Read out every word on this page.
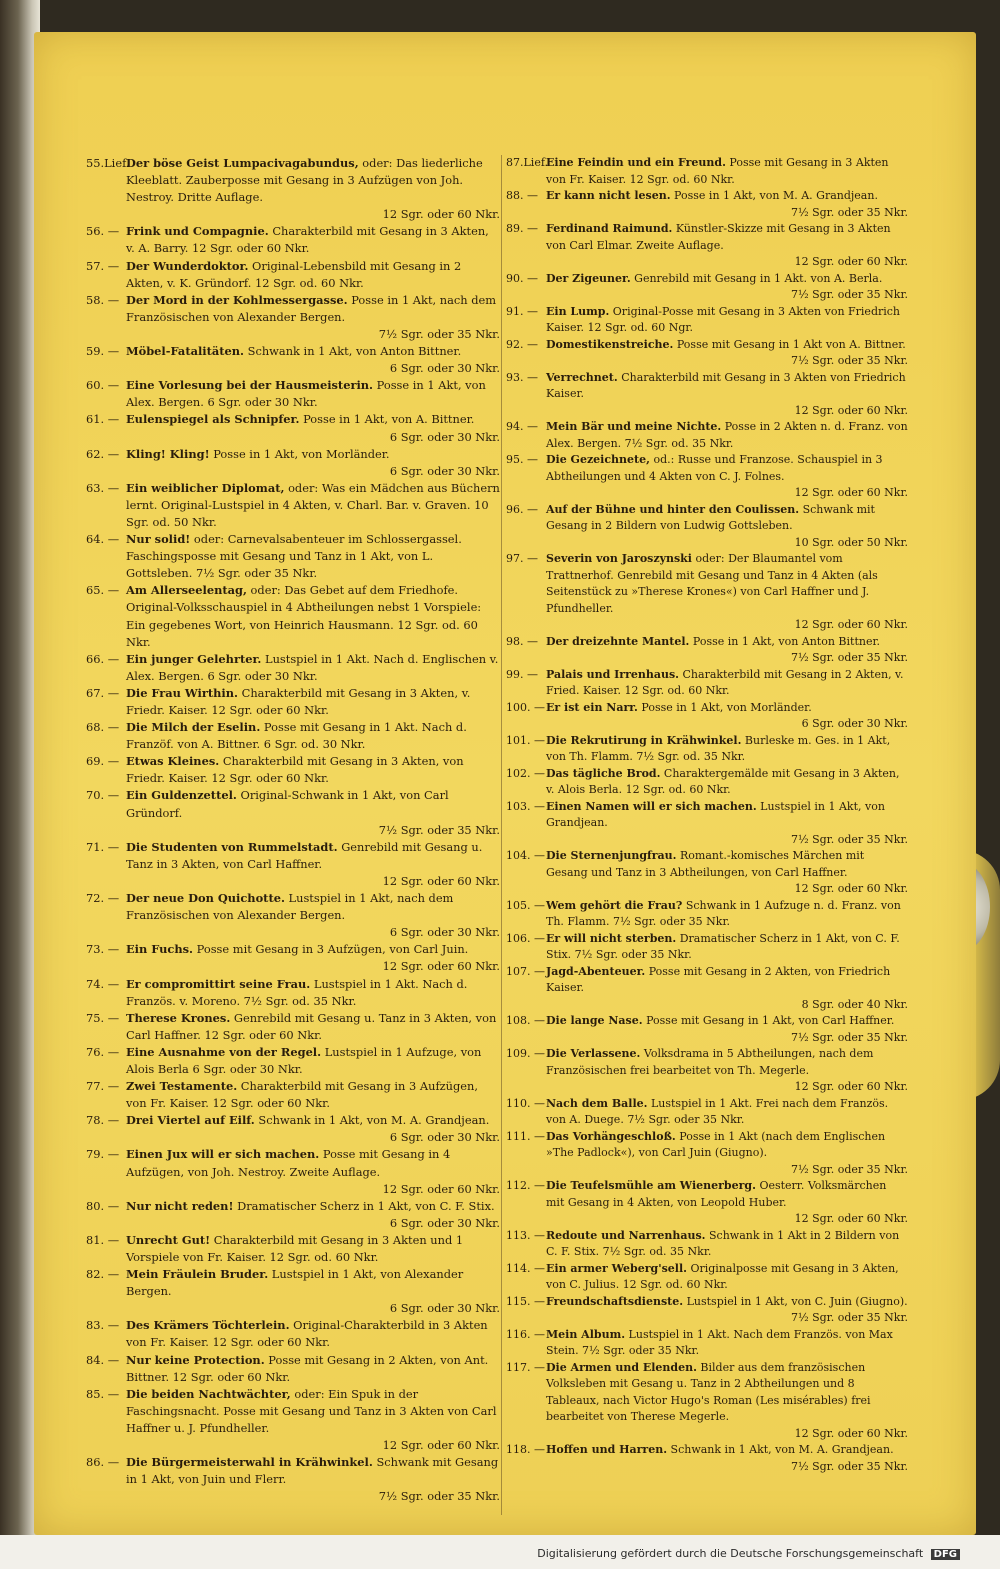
55.Lief.
Der böse Geist Lumpacivagabundus, oder: Das liederliche Kleeblatt. Zauberposse mit Gesang in 3 Aufzügen von Joh. Nestroy. Dritte Auflage.
12 Sgr. oder 60 Nkr.

56. — Frink und Compagnie. Charakterbild mit Gesang in 3 Akten, v. A. Barry. 12 Sgr. oder 60 Nkr.

57. — Der Wunderdoktor. Original-Lebensbild mit Gesang in 2 Akten, v. K. Gründorf. 12 Sgr. od. 60 Nkr.

58. — Der Mord in der Kohlmessergasse. Posse in 1 Akt, nach dem Französischen von Alexander Bergen.
7½ Sgr. oder 35 Nkr.

59. — Möbel-Fatalitäten. Schwank in 1 Akt, von Anton Bittner.
6 Sgr. oder 30 Nkr.

60. — Eine Vorlesung bei der Hausmeisterin. Posse in 1 Akt, von Alex. Bergen. 6 Sgr. oder 30 Nkr.

61. — Eulenspiegel als Schnipfer. Posse in 1 Akt, von A. Bittner.
6 Sgr. oder 30 Nkr.

62. — Kling! Kling! Posse in 1 Akt, von Morländer.
6 Sgr. oder 30 Nkr.

63. — Ein weiblicher Diplomat, oder: Was ein Mädchen aus Büchern lernt. Original-Lustspiel in 4 Akten, v. Charl. Bar. v. Graven. 10 Sgr. od. 50 Nkr.

64. — Nur solid! oder: Carnevalsabenteuer im Schlossergassel. Faschingsposse mit Gesang und Tanz in 1 Akt, von L. Gottsleben. 7½ Sgr. oder 35 Nkr.

65. — Am Allerseelentag, oder: Das Gebet auf dem Friedhofe. Original-Volksschauspiel in 4 Abtheilungen nebst 1 Vorspiele: Ein gegebenes Wort, von Heinrich Hausmann. 12 Sgr. od. 60 Nkr.

66. — Ein junger Gelehrter. Lustspiel in 1 Akt. Nach d. Englischen v. Alex. Bergen. 6 Sgr. oder 30 Nkr.

67. — Die Frau Wirthin. Charakterbild mit Gesang in 3 Akten, v. Friedr. Kaiser. 12 Sgr. oder 60 Nkr.

68. — Die Milch der Eselin. Posse mit Gesang in 1 Akt. Nach d. Franzöf. von A. Bittner. 6 Sgr. od. 30 Nkr.

69. — Etwas Kleines. Charakterbild mit Gesang in 3 Akten, von Friedr. Kaiser. 12 Sgr. oder 60 Nkr.

70. — Ein Guldenzettel. Original-Schwank in 1 Akt, von Carl Gründorf.
7½ Sgr. oder 35 Nkr.

71. — Die Studenten von Rummelstadt. Genrebild mit Gesang u. Tanz in 3 Akten, von Carl Haffner.
12 Sgr. oder 60 Nkr.

72. — Der neue Don Quichotte. Lustspiel in 1 Akt, nach dem Französischen von Alexander Bergen.
6 Sgr. oder 30 Nkr.

73. — Ein Fuchs. Posse mit Gesang in 3 Aufzügen, von Carl Juin.
12 Sgr. oder 60 Nkr.

74. — Er compromittirt seine Frau. Lustspiel in 1 Akt. Nach d. Französ. v. Moreno. 7½ Sgr. od. 35 Nkr.

75. — Therese Krones. Genrebild mit Gesang u. Tanz in 3 Akten, von Carl Haffner. 12 Sgr. oder 60 Nkr.

76. — Eine Ausnahme von der Regel. Lustspiel in 1 Aufzuge, von Alois Berla 6 Sgr. oder 30 Nkr.

77. — Zwei Testamente. Charakterbild mit Gesang in 3 Aufzügen, von Fr. Kaiser. 12 Sgr. oder 60 Nkr.

78. — Drei Viertel auf Eilf. Schwank in 1 Akt, von M. A. Grandjean.
6 Sgr. oder 30 Nkr.

79. — Einen Jux will er sich machen. Posse mit Gesang in 4 Aufzügen, von Joh. Nestroy. Zweite Auflage.
12 Sgr. oder 60 Nkr.

80. — Nur nicht reden! Dramatischer Scherz in 1 Akt, von C. F. Stix.
6 Sgr. oder 30 Nkr.

81. — Unrecht Gut! Charakterbild mit Gesang in 3 Akten und 1 Vorspiele von Fr. Kaiser. 12 Sgr. od. 60 Nkr.

82. — Mein Fräulein Bruder. Lustspiel in 1 Akt, von Alexander Bergen.
6 Sgr. oder 30 Nkr.

83. — Des Krämers Töchterlein. Original-Charakterbild in 3 Akten von Fr. Kaiser. 12 Sgr. oder 60 Nkr.

84. — Nur keine Protection. Posse mit Gesang in 2 Akten, von Ant. Bittner. 12 Sgr. oder 60 Nkr.

85. — Die beiden Nachtwächter, oder: Ein Spuk in der Faschingsnacht. Posse mit Gesang und Tanz in 3 Akten von Carl Haffner u. J. Pfundheller.
12 Sgr. oder 60 Nkr.

86. — Die Bürgermeisterwahl in Krähwinkel. Schwank mit Gesang in 1 Akt, von Juin und Flerr.
7½ Sgr. oder 35 Nkr.

87.Lief.
Eine Feindin und ein Freund. Posse mit Gesang in 3 Akten von Fr. Kaiser. 12 Sgr. od. 60 Nkr.

88. — Er kann nicht lesen. Posse in 1 Akt, von M. A. Grandjean.
7½ Sgr. oder 35 Nkr.

89. — Ferdinand Raimund. Künstler-Skizze mit Gesang in 3 Akten von Carl Elmar. Zweite Auflage.
12 Sgr. oder 60 Nkr.

90. — Der Zigeuner. Genrebild mit Gesang in 1 Akt. von A. Berla.
7½ Sgr. oder 35 Nkr.

91. — Ein Lump. Original-Posse mit Gesang in 3 Akten von Friedrich Kaiser. 12 Sgr. od. 60 Ngr.

92. — Domestikenstreiche. Posse mit Gesang in 1 Akt von A. Bittner.
7½ Sgr. oder 35 Nkr.

93. — Verrechnet. Charakterbild mit Gesang in 3 Akten von Friedrich Kaiser.
12 Sgr. oder 60 Nkr.

94. — Mein Bär und meine Nichte. Posse in 2 Akten n. d. Franz. von Alex. Bergen. 7½ Sgr. od. 35 Nkr.

95. — Die Gezeichnete, od.: Russe und Franzose. Schauspiel in 3 Abtheilungen und 4 Akten von C. J. Folnes.
12 Sgr. oder 60 Nkr.

96. — Auf der Bühne und hinter den Coulissen. Schwank mit Gesang in 2 Bildern von Ludwig Gottsleben.
10 Sgr. oder 50 Nkr.

97. — Severin von Jaroszynski oder: Der Blaumantel vom Trattnerhof. Genrebild mit Gesang und Tanz in 4 Akten (als Seitenstück zu »Therese Krones«) von Carl Haffner und J. Pfundheller.
12 Sgr. oder 60 Nkr.

98. — Der dreizehnte Mantel. Posse in 1 Akt, von Anton Bittner.
7½ Sgr. oder 35 Nkr.

99. — Palais und Irrenhaus. Charakterbild mit Gesang in 2 Akten, v. Fried. Kaiser. 12 Sgr. od. 60 Nkr.

100. — Er ist ein Narr. Posse in 1 Akt, von Morländer.
6 Sgr. oder 30 Nkr.

101. — Die Rekrutirung in Krähwinkel. Burleske m. Ges. in 1 Akt, von Th. Flamm. 7½ Sgr. od. 35 Nkr.

102. — Das tägliche Brod. Charaktergemälde mit Gesang in 3 Akten, v. Alois Berla. 12 Sgr. od. 60 Nkr.

103. — Einen Namen will er sich machen. Lustspiel in 1 Akt, von Grandjean.
7½ Sgr. oder 35 Nkr.

104. — Die Sternenjungfrau. Romant.-komisches Märchen mit Gesang und Tanz in 3 Abtheilungen, von Carl Haffner.
12 Sgr. oder 60 Nkr.

105. — Wem gehört die Frau? Schwank in 1 Aufzuge n. d. Franz. von Th. Flamm. 7½ Sgr. oder 35 Nkr.

106. — Er will nicht sterben. Dramatischer Scherz in 1 Akt, von C. F. Stix. 7½ Sgr. oder 35 Nkr.

107. — Jagd-Abenteuer. Posse mit Gesang in 2 Akten, von Friedrich Kaiser.
8 Sgr. oder 40 Nkr.

108. — Die lange Nase. Posse mit Gesang in 1 Akt, von Carl Haffner.
7½ Sgr. oder 35 Nkr.

109. — Die Verlassene. Volksdrama in 5 Abtheilungen, nach dem Französischen frei bearbeitet von Th. Megerle.
12 Sgr. oder 60 Nkr.

110. — Nach dem Balle. Lustspiel in 1 Akt. Frei nach dem Französ. von A. Duege. 7½ Sgr. oder 35 Nkr.

111. — Das Vorhängeschloß. Posse in 1 Akt (nach dem Englischen »The Padlock«), von Carl Juin (Giugno).
7½ Sgr. oder 35 Nkr.

112. — Die Teufelsmühle am Wienerberg. Oesterr. Volksmärchen mit Gesang in 4 Akten, von Leopold Huber.
12 Sgr. oder 60 Nkr.

113. — Redoute und Narrenhaus. Schwank in 1 Akt in 2 Bildern von C. F. Stix. 7½ Sgr. od. 35 Nkr.

114. — Ein armer Weberg'sell. Originalposse mit Gesang in 3 Akten, von C. Julius. 12 Sgr. od. 60 Nkr.

115. — Freundschaftsdienste. Lustspiel in 1 Akt, von C. Juin (Giugno).
7½ Sgr. oder 35 Nkr.

116. — Mein Album. Lustspiel in 1 Akt. Nach dem Französ. von Max Stein. 7½ Sgr. oder 35 Nkr.

117. — Die Armen und Elenden. Bilder aus dem französischen Volksleben mit Gesang u. Tanz in 2 Abtheilungen und 8 Tableaux, nach Victor Hugo's Roman (Les misérables) frei bearbeitet von Therese Megerle.
12 Sgr. oder 60 Nkr.

118. — Hoffen und Harren. Schwank in 1 Akt, von M. A. Grandjean.
7½ Sgr. oder 35 Nkr.

Digitalisierung gefördert durch die Deutsche Forschungsgemeinschaft DFG
